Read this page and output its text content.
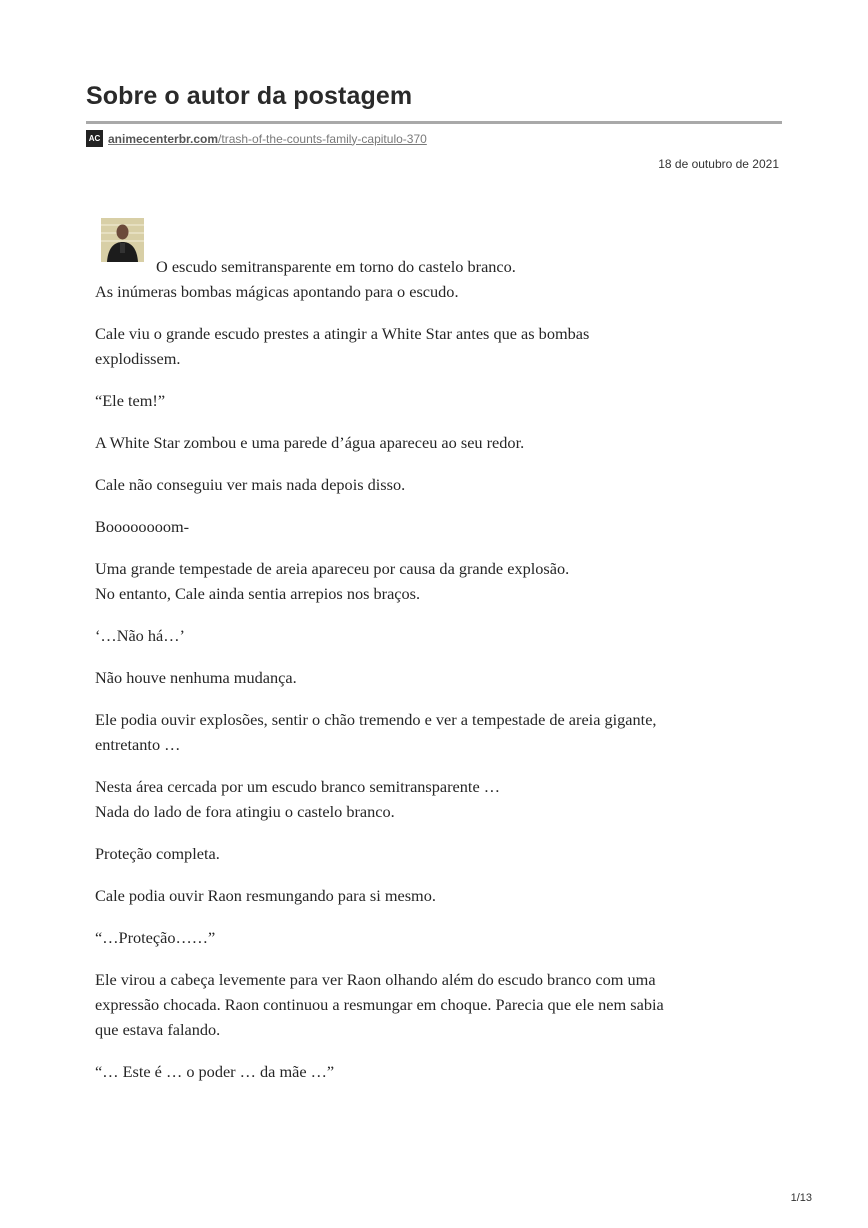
Sobre o autor da postagem
AC animecenterbr.com/trash-of-the-counts-family-capitulo-370
18 de outubro de 2021

O escudo semitransparente em torno do castelo branco.
As inúmeras bombas mágicas apontando para o escudo.

Cale viu o grande escudo prestes a atingir a White Star antes que as bombas
explodissem.

“Ele tem!”

A White Star zombou e uma parede d’água apareceu ao seu redor.

Cale não conseguiu ver mais nada depois disso.

Boooooooom-

Uma grande tempestade de areia apareceu por causa da grande explosão.
No entanto, Cale ainda sentia arrepios nos braços.

‘…Não há…’

Não houve nenhuma mudança.

Ele podia ouvir explosões, sentir o chão tremendo e ver a tempestade de areia gigante,
entretanto …

Nesta área cercada por um escudo branco semitransparente …
Nada do lado de fora atingiu o castelo branco.

Proteção completa.

Cale podia ouvir Raon resmungando para si mesmo.

“…Proteção……”

Ele virou a cabeça levemente para ver Raon olhando além do escudo branco com uma
expressão chocada. Raon continuou a resmungar em choque. Parecia que ele nem sabia
que estava falando.

“… Este é … o poder … da mãe …”

1/13
